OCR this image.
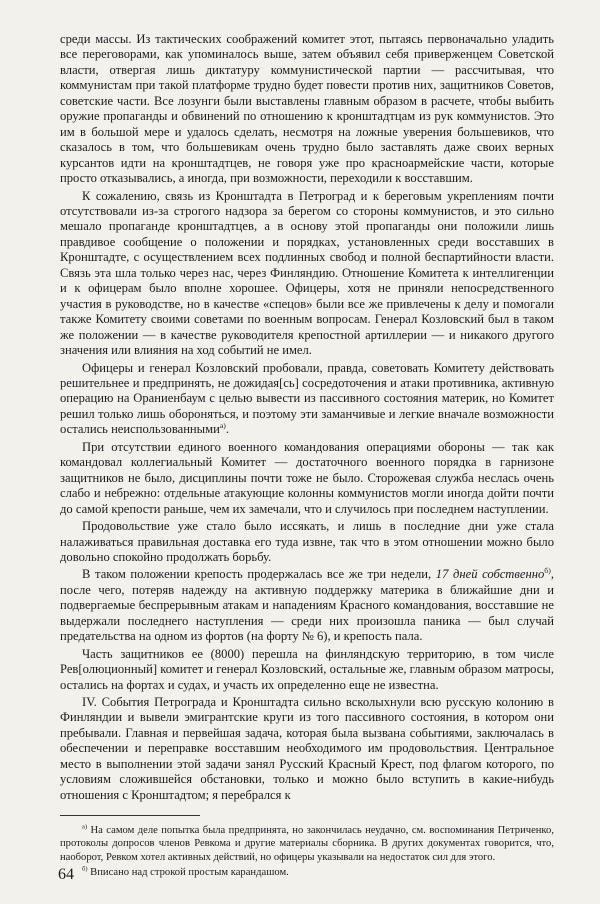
среди массы. Из тактических соображений комитет этот, пытаясь первоначально уладить все переговорами, как упоминалось выше, затем объявил себя приверженцем Советской власти, отвергая лишь диктатуру коммунистической партии — рассчитывая, что коммунистам при такой платформе трудно будет повести против них, защитников Советов, советские части. Все лозунги были выставлены главным образом в расчете, чтобы выбить оружие пропаганды и обвинений по отношению к кронштадтцам из рук коммунистов. Это им в большой мере и удалось сделать, несмотря на ложные уверения большевиков, что сказалось в том, что большевикам очень трудно было заставлять даже своих верных курсантов идти на кронштадтцев, не говоря уже про красноармейские части, которые просто отказывались, а иногда, при возможности, переходили к восставшим.

К сожалению, связь из Кронштадта в Петроград и к береговым укреплениям почти отсутствовали из-за строгого надзора за берегом со стороны коммунистов, и это сильно мешало пропаганде кронштадтцев, а в основу этой пропаганды они положили лишь правдивое сообщение о положении и порядках, установленных среди восставших в Кронштадте, с осуществлением всех подлинных свобод и полной беспартийности власти. Связь эта шла только через нас, через Финляндию. Отношение Комитета к интеллигенции и к офицерам было вполне хорошее. Офицеры, хотя не приняли непосредственного участия в руководстве, но в качестве «спецов» были все же привлечены к делу и помогали также Комитету своими советами по военным вопросам. Генерал Козловский был в таком же положении — в качестве руководителя крепостной артиллерии — и никакого другого значения или влияния на ход событий не имел.

Офицеры и генерал Козловский пробовали, правда, советовать Комитету действовать решительнее и предпринять, не дожидая[сь] сосредоточения и атаки противника, активную операцию на Ораниенбаум с целью вывести из пассивного состояния материк, но Комитет решил только лишь обороняться, и поэтому эти заманчивые и легкие вначале возможности остались неиспользованными$^{а)}$.

При отсутствии единого военного командования операциями обороны — так как командовал коллегиальный Комитет — достаточного военного порядка в гарнизоне защитников не было, дисциплины почти тоже не было. Сторожевая служба неслась очень слабо и небрежно: отдельные атакующие колонны коммунистов могли иногда дойти почти до самой крепости раньше, чем их замечали, что и случилось при последнем наступлении.

Продовольствие уже стало было иссякать, и лишь в последние дни уже стала налаживаться правильная доставка его туда извне, так что в этом отношении можно было довольно спокойно продолжать борьбу.

В таком положении крепость продержалась все же три недели, 17 дней собственно$^{б)}$, после чего, потеряв надежду на активную поддержку материка в ближайшие дни и подвергаемые беспрерывным атакам и нападениям Красного командования, восставшие не выдержали последнего наступления — среди них произошла паника — был случай предательства на одном из фортов (на форту № 6), и крепость пала.

Часть защитников ее (8000) перешла на финляндскую территорию, в том числе Рев[олюционный] комитет и генерал Козловский, остальные же, главным образом матросы, остались на фортах и судах, и участь их определенно еще не известна.

IV. События Петрограда и Кронштадта сильно всколыхнули всю русскую колонию в Финляндии и вывели эмигрантские круги из того пассивного состояния, в котором они пребывали. Главная и первейшая задача, которая была вызвана событиями, заключалась в обеспечении и переправке восставшим необходимого им продовольствия. Центральное место в выполнении этой задачи занял Русский Красный Крест, под флагом которого, по условиям сложившейся обстановки, только и можно было вступить в какие-нибудь отношения с Кронштадтом; я перебрался к

$^{а)}$ На самом деле попытка была предпринята, но закончилась неудачно, см. воспоминания Петриченко, протоколы допросов членов Ревкома и другие материалы сборника. В других документах говорится, что, наоборот, Ревком хотел активных действий, но офицеры указывали на недостаток сил для этого.

$^{б)}$ Вписано над строкой простым карандашом.

64
